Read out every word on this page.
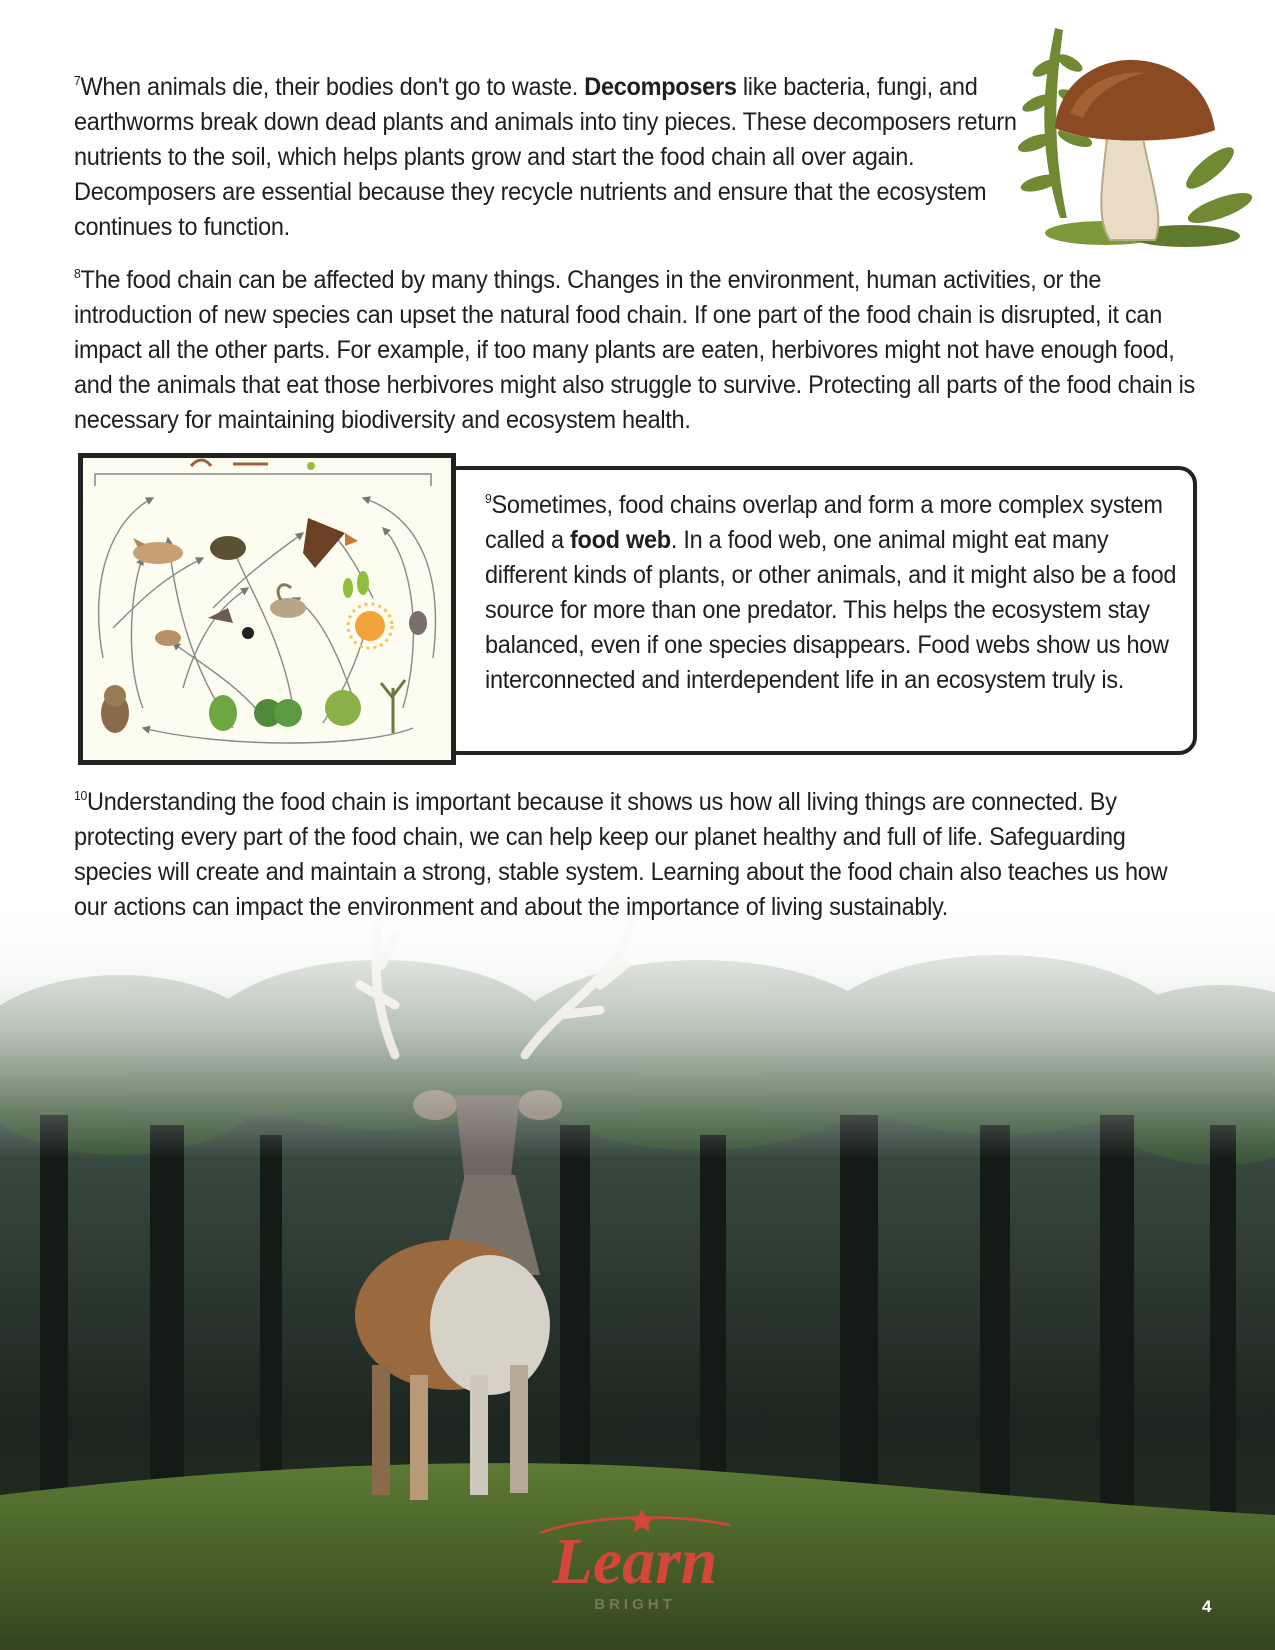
$^7$When animals die, their bodies don't go to waste. Decomposers like bacteria, fungi, and earthworms break down dead plants and animals into tiny pieces. These decomposers return nutrients to the soil, which helps plants grow and start the food chain all over again. Decomposers are essential because they recycle nutrients and ensure that the ecosystem continues to function.

$^8$The food chain can be affected by many things. Changes in the environment, human activities, or the introduction of new species can upset the natural food chain. If one part of the food chain is disrupted, it can impact all the other parts. For example, if too many plants are eaten, herbivores might not have enough food, and the animals that eat those herbivores might also struggle to survive. Protecting all parts of the food chain is necessary for maintaining biodiversity and ecosystem health.

$^9$Sometimes, food chains overlap and form a more complex system called a food web. In a food web, one animal might eat many different kinds of plants, or other animals, and it might also be a food source for more than one predator. This helps the ecosystem stay balanced, even if one species disappears. Food webs show us how interconnected and interdependent life in an ecosystem truly is.

$^{10}$Understanding the food chain is important because it shows us how all living things are connected. By protecting every part of the food chain, we can help keep our planet healthy and full of life. Safeguarding species will create and maintain a strong, stable system. Learning about the food chain also teaches us how our actions can impact the environment and about the importance of living sustainably.

Learn
BRIGHT	4
